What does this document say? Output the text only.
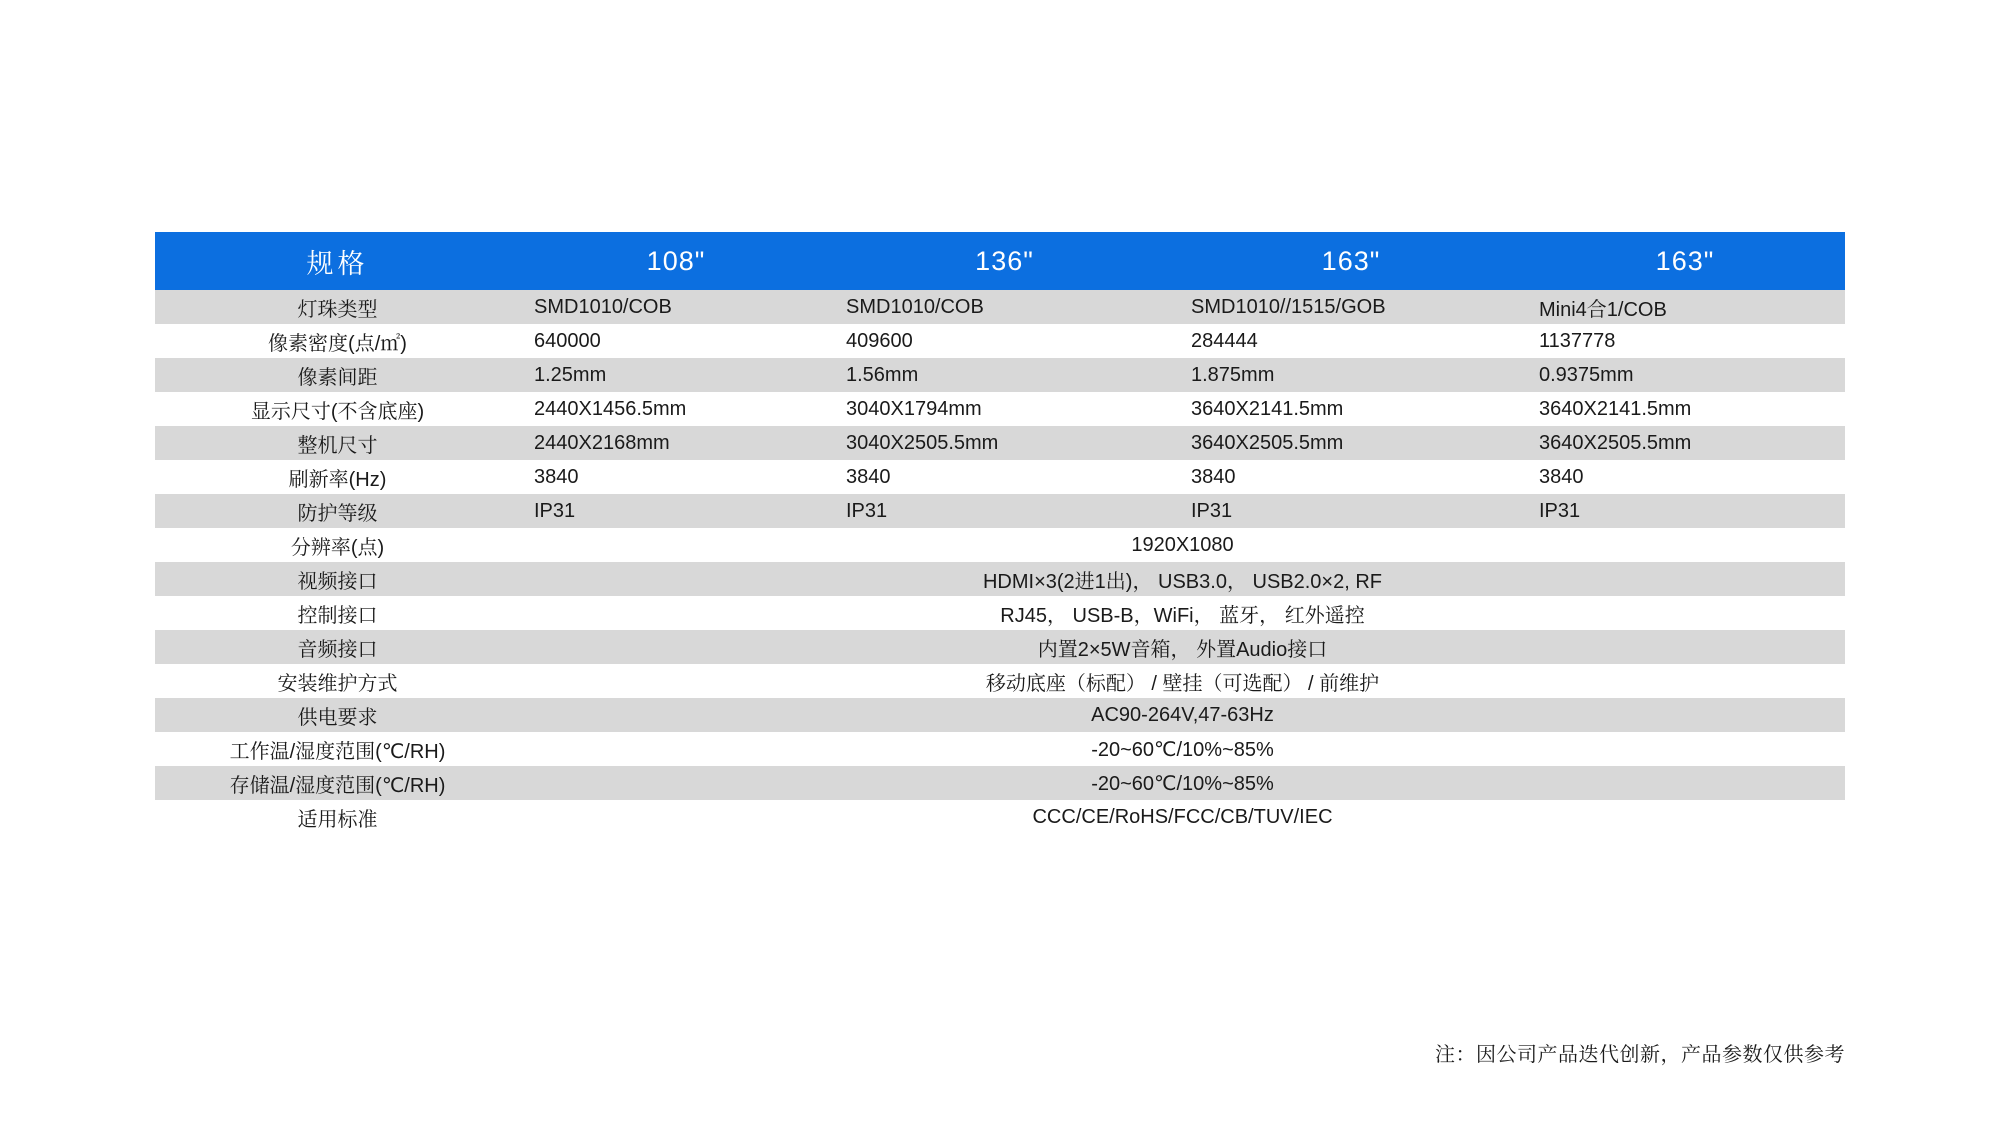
规格	108"	136"	163"	163"
灯珠类型	SMD1010/COB	SMD1010/COB	SMD1010//1515/GOB	Mini4合1/COB
像素密度(点/㎡)	640000	409600	284444	1137778
像素间距	1.25mm	1.56mm	1.875mm	0.9375mm
显示尺寸(不含底座)	2440X1456.5mm	3040X1794mm	3640X2141.5mm	3640X2141.5mm
整机尺寸	2440X2168mm	3040X2505.5mm	3640X2505.5mm	3640X2505.5mm
刷新率(Hz)	3840	3840	3840	3840
防护等级	IP31	IP31	IP31	IP31
分辨率(点)	1920X1080			
视频接口	HDMI×3(2进1出)， USB3.0， USB2.0×2, RF			
控制接口	RJ45， USB-B，WiFi， 蓝牙， 红外遥控			
音频接口	内置2×5W音箱， 外置Audio接口			
安装维护方式	移动底座（标配） / 壁挂（可选配） / 前维护			
供电要求	AC90-264V,47-63Hz			
工作温/湿度范围(℃/RH)	-20~60℃/10%~85%			
存储温/湿度范围(℃/RH)	-20~60℃/10%~85%			
适用标准	CCC/CE/RoHS/FCC/CB/TUV/IEC			
注：因公司产品迭代创新，产品参数仅供参考
